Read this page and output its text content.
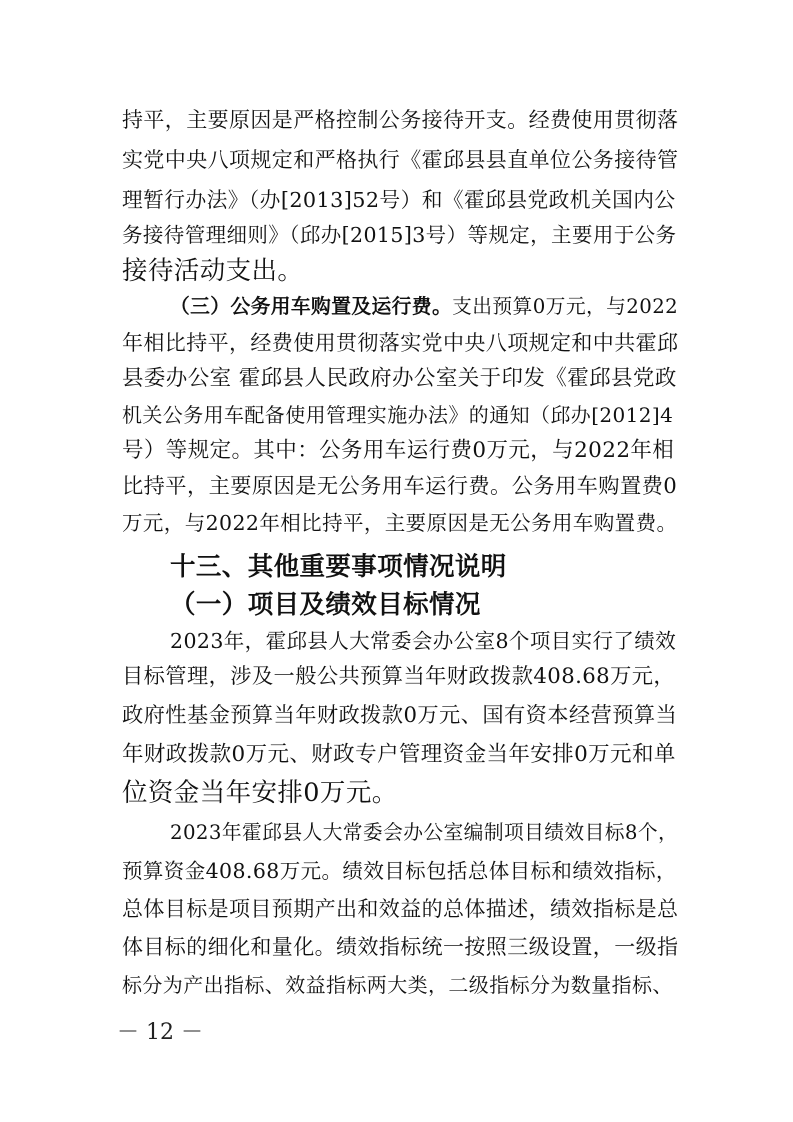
持平，主要原因是严格控制公务接待开支。经费使用贯彻落
实党中央八项规定和严格执行《霍邱县县直单位公务接待管
理暂行办法》（办[2013]52号）和《霍邱县党政机关国内公
务接待管理细则》（邱办[2015]3号）等规定，主要用于公务
接待活动支出。
（三）公务用车购置及运行费。支出预算0万元，与2022
年相比持平，经费使用贯彻落实党中央八项规定和中共霍邱
县委办公室 霍邱县人民政府办公室关于印发《霍邱县党政
机关公务用车配备使用管理实施办法》的通知（邱办[2012]4
号）等规定。其中：公务用车运行费0万元，与2022年相
比持平，主要原因是无公务用车运行费。公务用车购置费0
万元，与2022年相比持平，主要原因是无公务用车购置费。
十三、其他重要事项情况说明
（一）项目及绩效目标情况
2023年，霍邱县人大常委会办公室8个项目实行了绩效
目标管理，涉及一般公共预算当年财政拨款408.68万元，
政府性基金预算当年财政拨款0万元、国有资本经营预算当
年财政拨款0万元、财政专户管理资金当年安排0万元和单
位资金当年安排0万元。
2023年霍邱县人大常委会办公室编制项目绩效目标8个，
预算资金408.68万元。绩效目标包括总体目标和绩效指标，
总体目标是项目预期产出和效益的总体描述，绩效指标是总
体目标的细化和量化。绩效指标统一按照三级设置，一级指
标分为产出指标、效益指标两大类，二级指标分为数量指标、
－ 12 －
